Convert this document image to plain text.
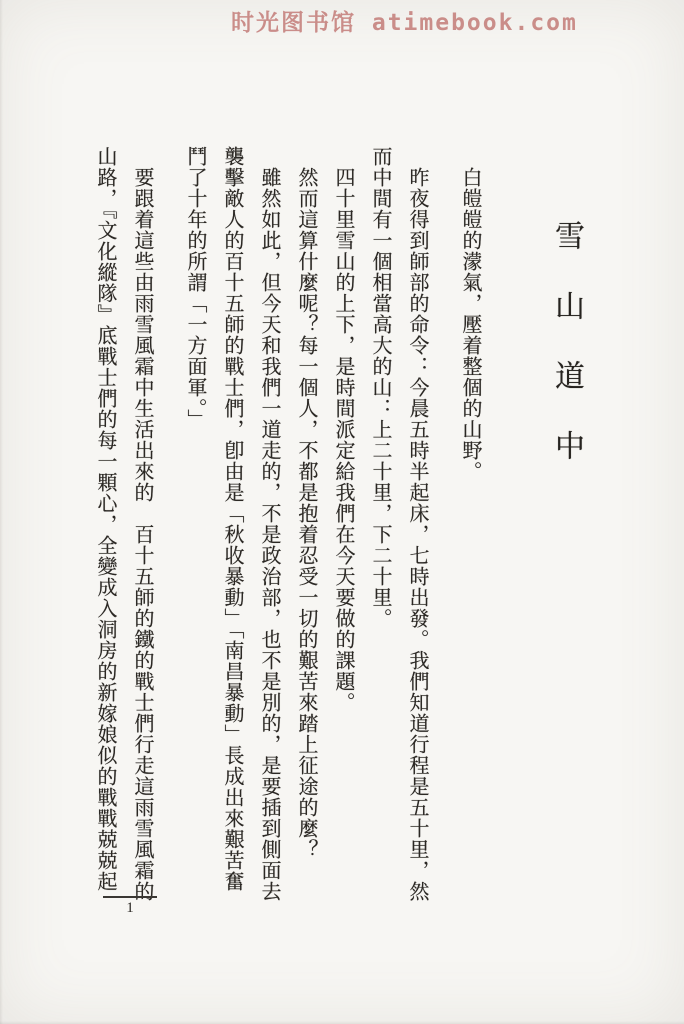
时光图书馆 atimebook.com
雪山道中

白皚皚的濛氣，壓着整個的山野。

昨夜得到師部的命令：今晨五時半起床，七時出發。我們知道行程是五十里，然而中間有一個相當高大的山：上二十里，下二十里。

四十里雪山的上下，是時間派定給我們在今天要做的課題。

然而這算什麼呢？每一個人，不都是抱着忍受一切的艱苦來踏上征途的麼？

雖然如此，但今天和我們一道走的，不是政治部，也不是別的，是要插到側面去襲擊敵人的百十五師的戰士們，卽由是「秋收暴動」「南昌暴動」長成出來艱苦奮鬥了十年的所謂「一方面軍。」

要跟着這些由雨雪風霜中生活出來的　百十五師的鐵的戰士們行走這雨雪風霜的山路，『文化縱隊』底戰士們的每一顆心，全變成入洞房的新嫁娘似的戰戰兢兢起

1
